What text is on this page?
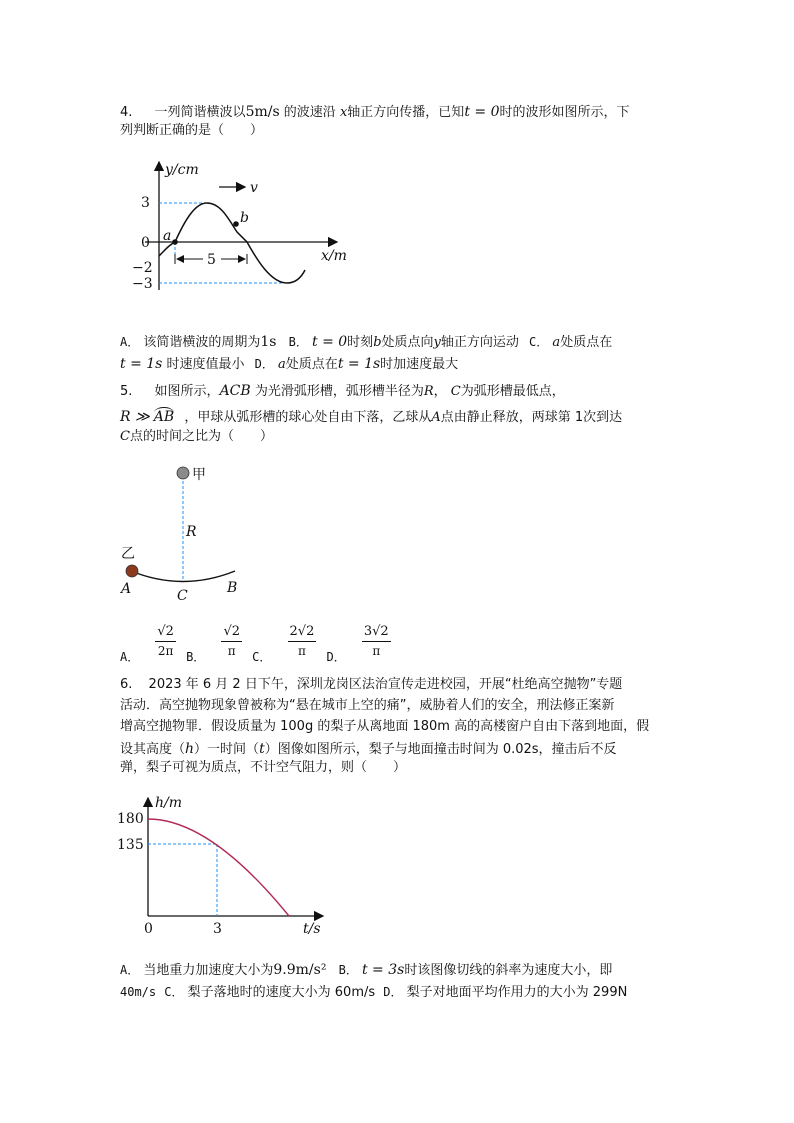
4. 一列简谐横波以5m/s 的波速沿 x轴正方向传播，已知t = 0时的波形如图所示，下
列判断正确的是（　　）
y/cm
x/m
v
3
0
−2
−3
a
b
5
A． 该简谐横波的周期为1s B． t = 0时刻b处质点向y轴正方向运动 C． a处质点在
t = 1s 时速度值最小 D． a处质点在t = 1s时加速度最大
5. 如图所示，ACB 为光滑弧形槽，弧形槽半径为R， C为弧形槽最低点，
R ≫ AB ，甲球从弧形槽的球心处自由下落，乙球从A点由静止释放，两球第 1次到达
C点的时间之比为（　　）
甲
乙
R
A	B
C
A． $\frac{√2}{2\pi}$ B． $\frac{√2}{\pi}$ C． $\frac{2√2}{\pi}$ D． $\frac{3√2}{\pi}$
6. 2023 年 6 月 2 日下午，深圳龙岗区法治宣传走进校园，开展“杜绝高空抛物”专题
活动．高空抛物现象曾被称为“悬在城市上空的痛”，威胁着人们的安全，刑法修正案新
增高空抛物罪．假设质量为 100g 的梨子从离地面 180m 高的高楼窗户自由下落到地面，假
设其高度（h）一时间（t）图像如图所示，梨子与地面撞击时间为 0.02s，撞击后不反
弹，梨子可视为质点，不计空气阻力，则（　　）
h/m
t/s
180
135
0	3
A． 当地重力加速度大小为9.9m/s² B． t = 3s时该图像切线的斜率为速度大小，即
40m/s C． 梨子落地时的速度大小为 60m/s D． 梨子对地面平均作用力的大小为 299N
